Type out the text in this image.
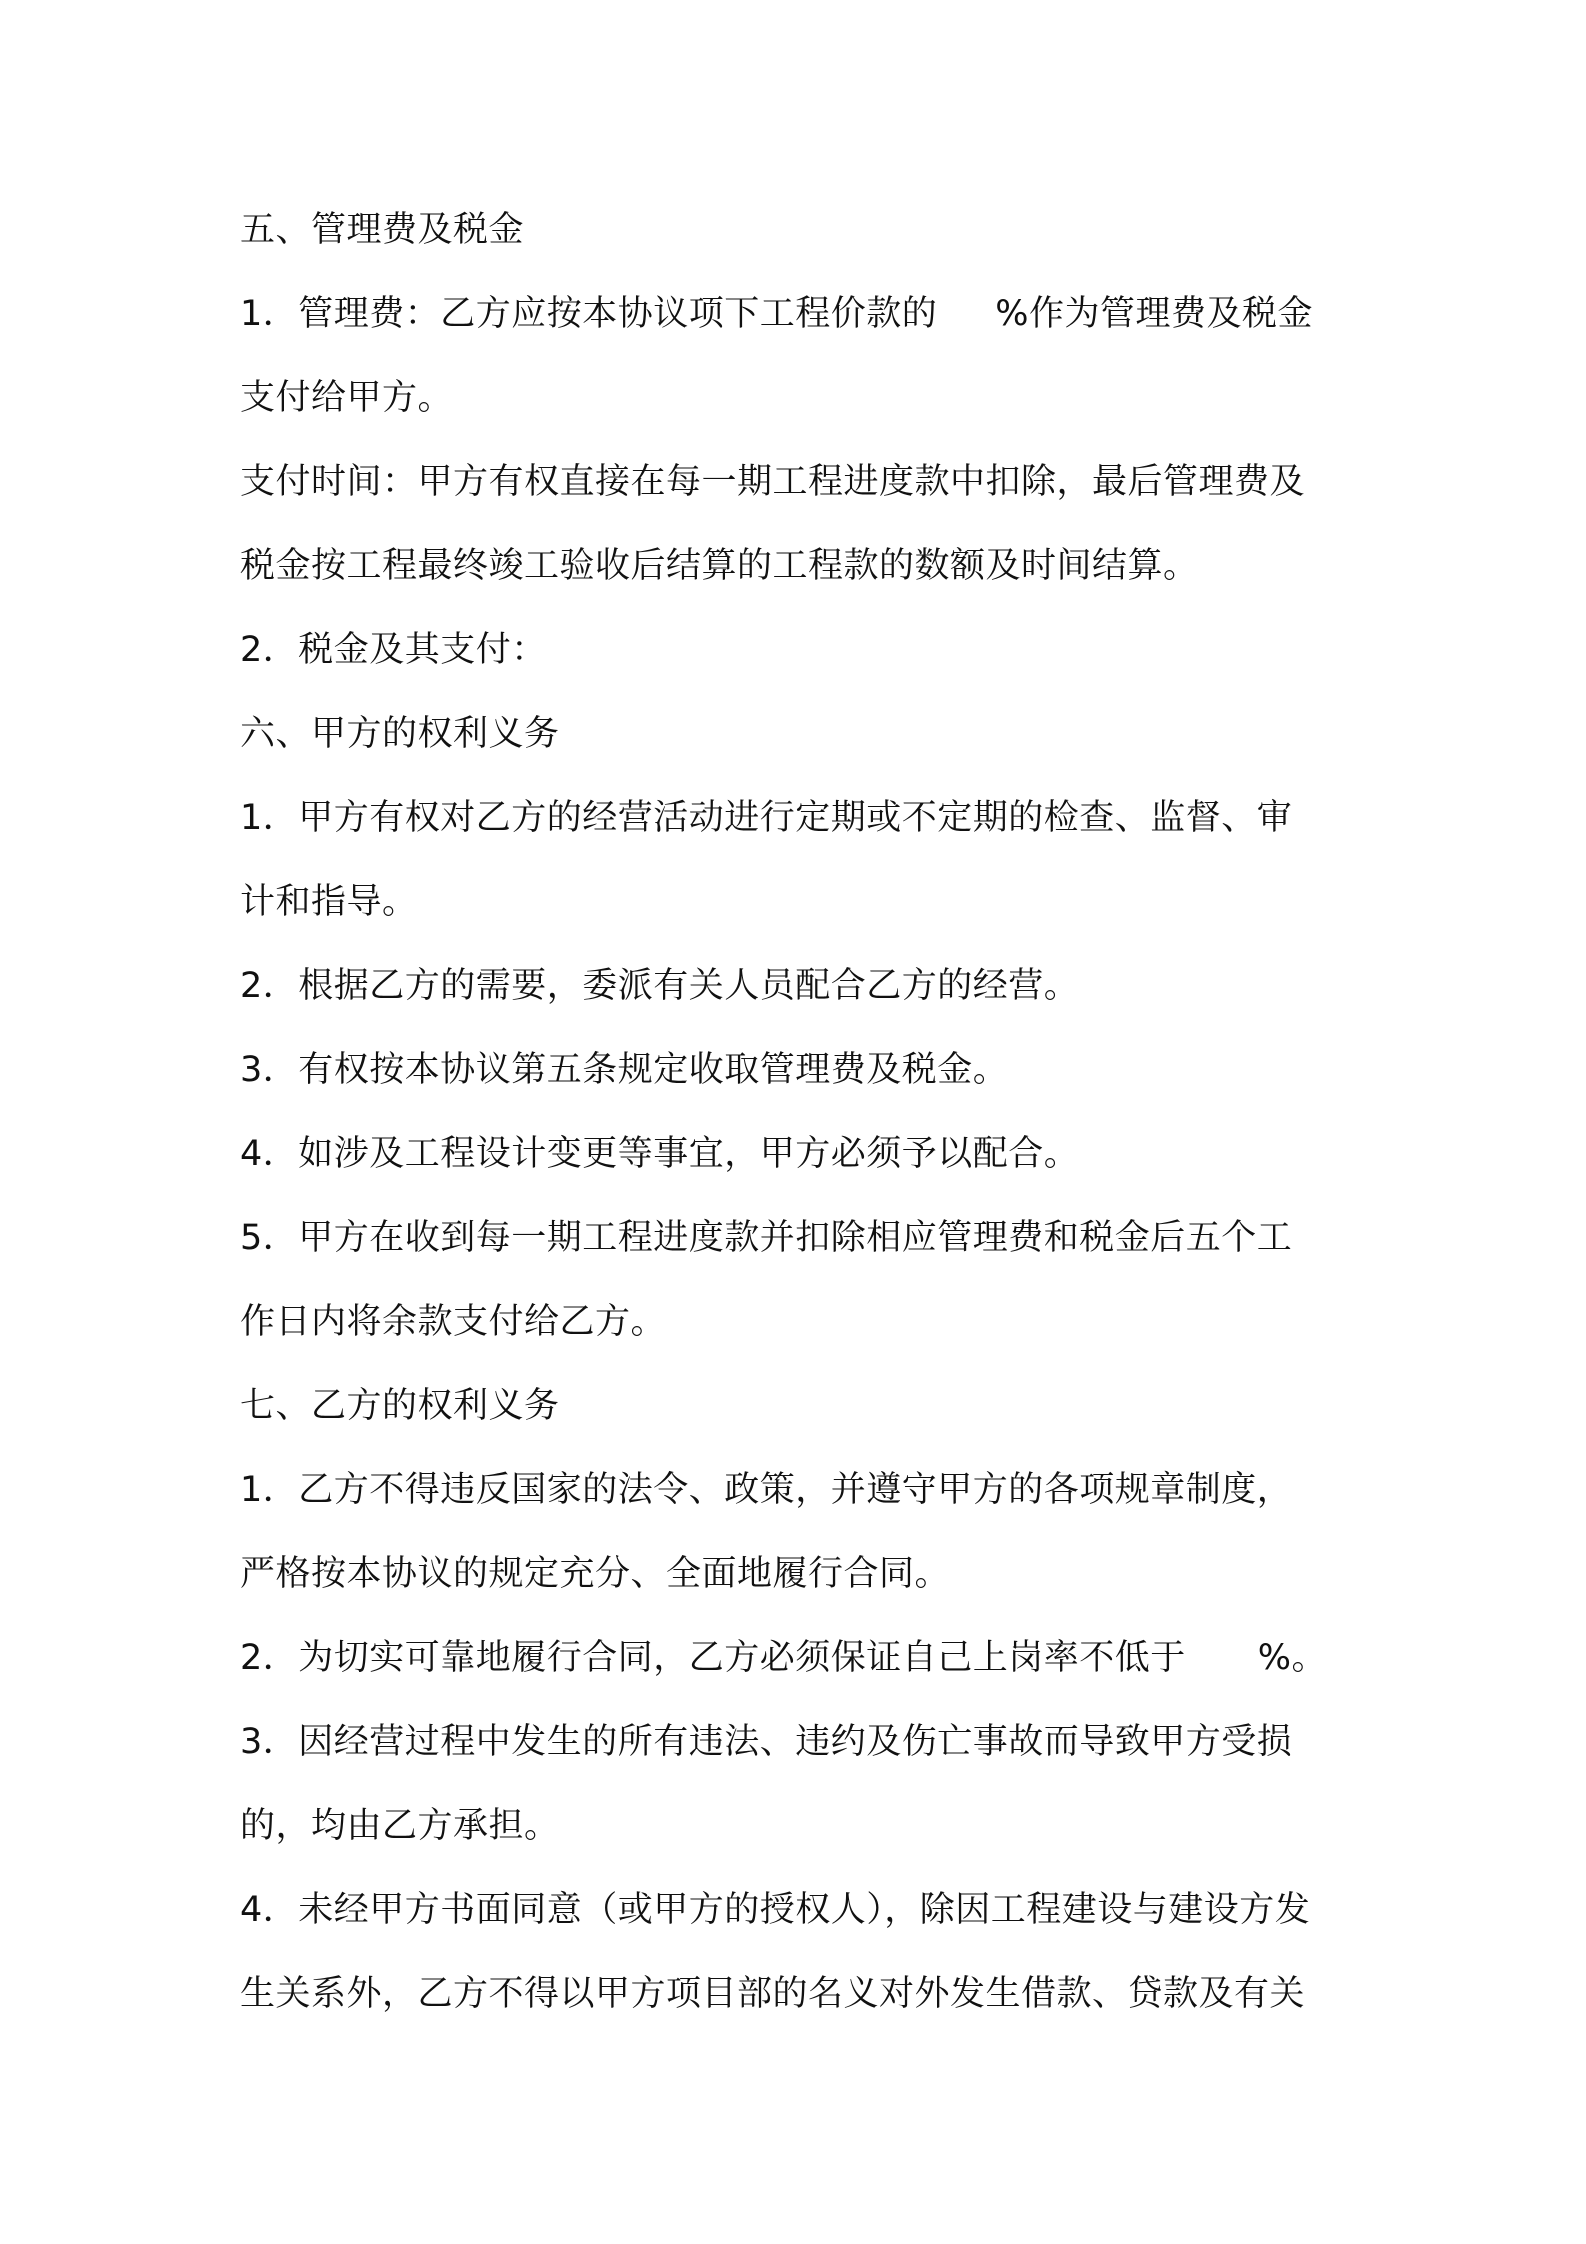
五、管理费及税金
1．管理费：乙方应按本协议项下工程价款的 %作为管理费及税金
支付给甲方。
支付时间：甲方有权直接在每一期工程进度款中扣除，最后管理费及
税金按工程最终竣工验收后结算的工程款的数额及时间结算。
2．税金及其支付：
六、甲方的权利义务
1．甲方有权对乙方的经营活动进行定期或不定期的检查、监督、审
计和指导。
2．根据乙方的需要，委派有关人员配合乙方的经营。
3．有权按本协议第五条规定收取管理费及税金。
4．如涉及工程设计变更等事宜，甲方必须予以配合。
5．甲方在收到每一期工程进度款并扣除相应管理费和税金后五个工
作日内将余款支付给乙方。
七、乙方的权利义务
1．乙方不得违反国家的法令、政策，并遵守甲方的各项规章制度，
严格按本协议的规定充分、全面地履行合同。
2．为切实可靠地履行合同，乙方必须保证自己上岗率不低于 %。
3．因经营过程中发生的所有违法、违约及伤亡事故而导致甲方受损
的，均由乙方承担。
4．未经甲方书面同意（或甲方的授权人），除因工程建设与建设方发
生关系外，乙方不得以甲方项目部的名义对外发生借款、贷款及有关
